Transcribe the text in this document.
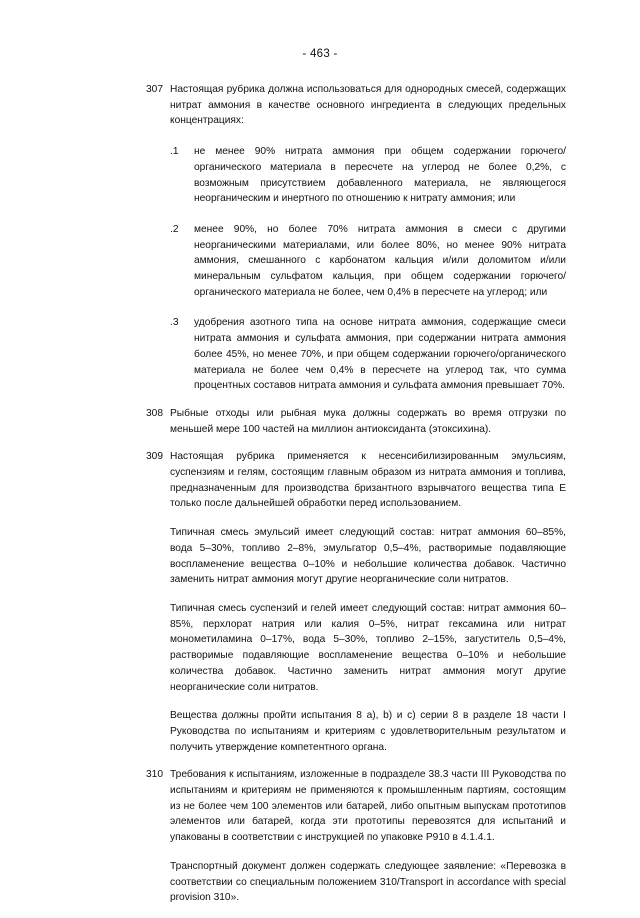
- 463 -
307 Настоящая рубрика должна использоваться для однородных смесей, содержащих нитрат аммония в качестве основного ингредиента в следующих предельных концентрациях:
.1 не менее 90% нитрата аммония при общем содержании горючего/органического материала в пересчете на углерод не более 0,2%, с возможным присутствием добавленного материала, не являющегося неорганическим и инертного по отношению к нитрату аммония; или
.2 менее 90%, но более 70% нитрата аммония в смеси с другими неорганическими материалами, или более 80%, но менее 90% нитрата аммония, смешанного с карбонатом кальция и/или доломитом и/или минеральным сульфатом кальция, при общем содержании горючего/органического материала не более, чем 0,4% в пересчете на углерод; или
.3 удобрения азотного типа на основе нитрата аммония, содержащие смеси нитрата аммония и сульфата аммония, при содержании нитрата аммония более 45%, но менее 70%, и при общем содержании горючего/органического материала не более чем 0,4% в пересчете на углерод так, что сумма процентных составов нитрата аммония и сульфата аммония превышает 70%.
308 Рыбные отходы или рыбная мука должны содержать во время отгрузки по меньшей мере 100 частей на миллион антиоксиданта (этоксихина).

309 Настоящая рубрика применяется к несенсибилизированным эмульсиям, суспензиям и гелям, состоящим главным образом из нитрата аммония и топлива, предназначенным для производства бризантного взрывчатого вещества типа E только после дальнейшей обработки перед использованием.

Типичная смесь эмульсий имеет следующий состав: нитрат аммония 60–85%, вода 5–30%, топливо 2–8%, эмульгатор 0,5–4%, растворимые подавляющие воспламенение вещества 0–10% и небольшие количества добавок. Частично заменить нитрат аммония могут другие неорганические соли нитратов.

Типичная смесь суспензий и гелей имеет следующий состав: нитрат аммония 60–85%, перхлорат натрия или калия 0–5%, нитрат гексамина или нитрат монометиламина 0–17%, вода 5–30%, топливо 2–15%, загуститель 0,5–4%, растворимые подавляющие воспламенение вещества 0–10% и небольшие количества добавок. Частично заменить нитрат аммония могут другие неорганические соли нитратов.

Вещества должны пройти испытания 8 a), b) и c) серии 8 в разделе 18 части I Руководства по испытаниям и критериям с удовлетворительным результатом и получить утверждение компетентного органа.

310 Требования к испытаниям, изложенные в подразделе 38.3 части III Руководства по испытаниям и критериям не применяются к промышленным партиям, состоящим из не более чем 100 элементов или батарей, либо опытным выпускам прототипов элементов или батарей, когда эти прототипы перевозятся для испытаний и упакованы в соответствии с инструкцией по упаковке P910 в 4.1.4.1.

Транспортный документ должен содержать следующее заявление: «Перевозка в соответствии со специальным положением 310/Transport in accordance with special provision 310».
